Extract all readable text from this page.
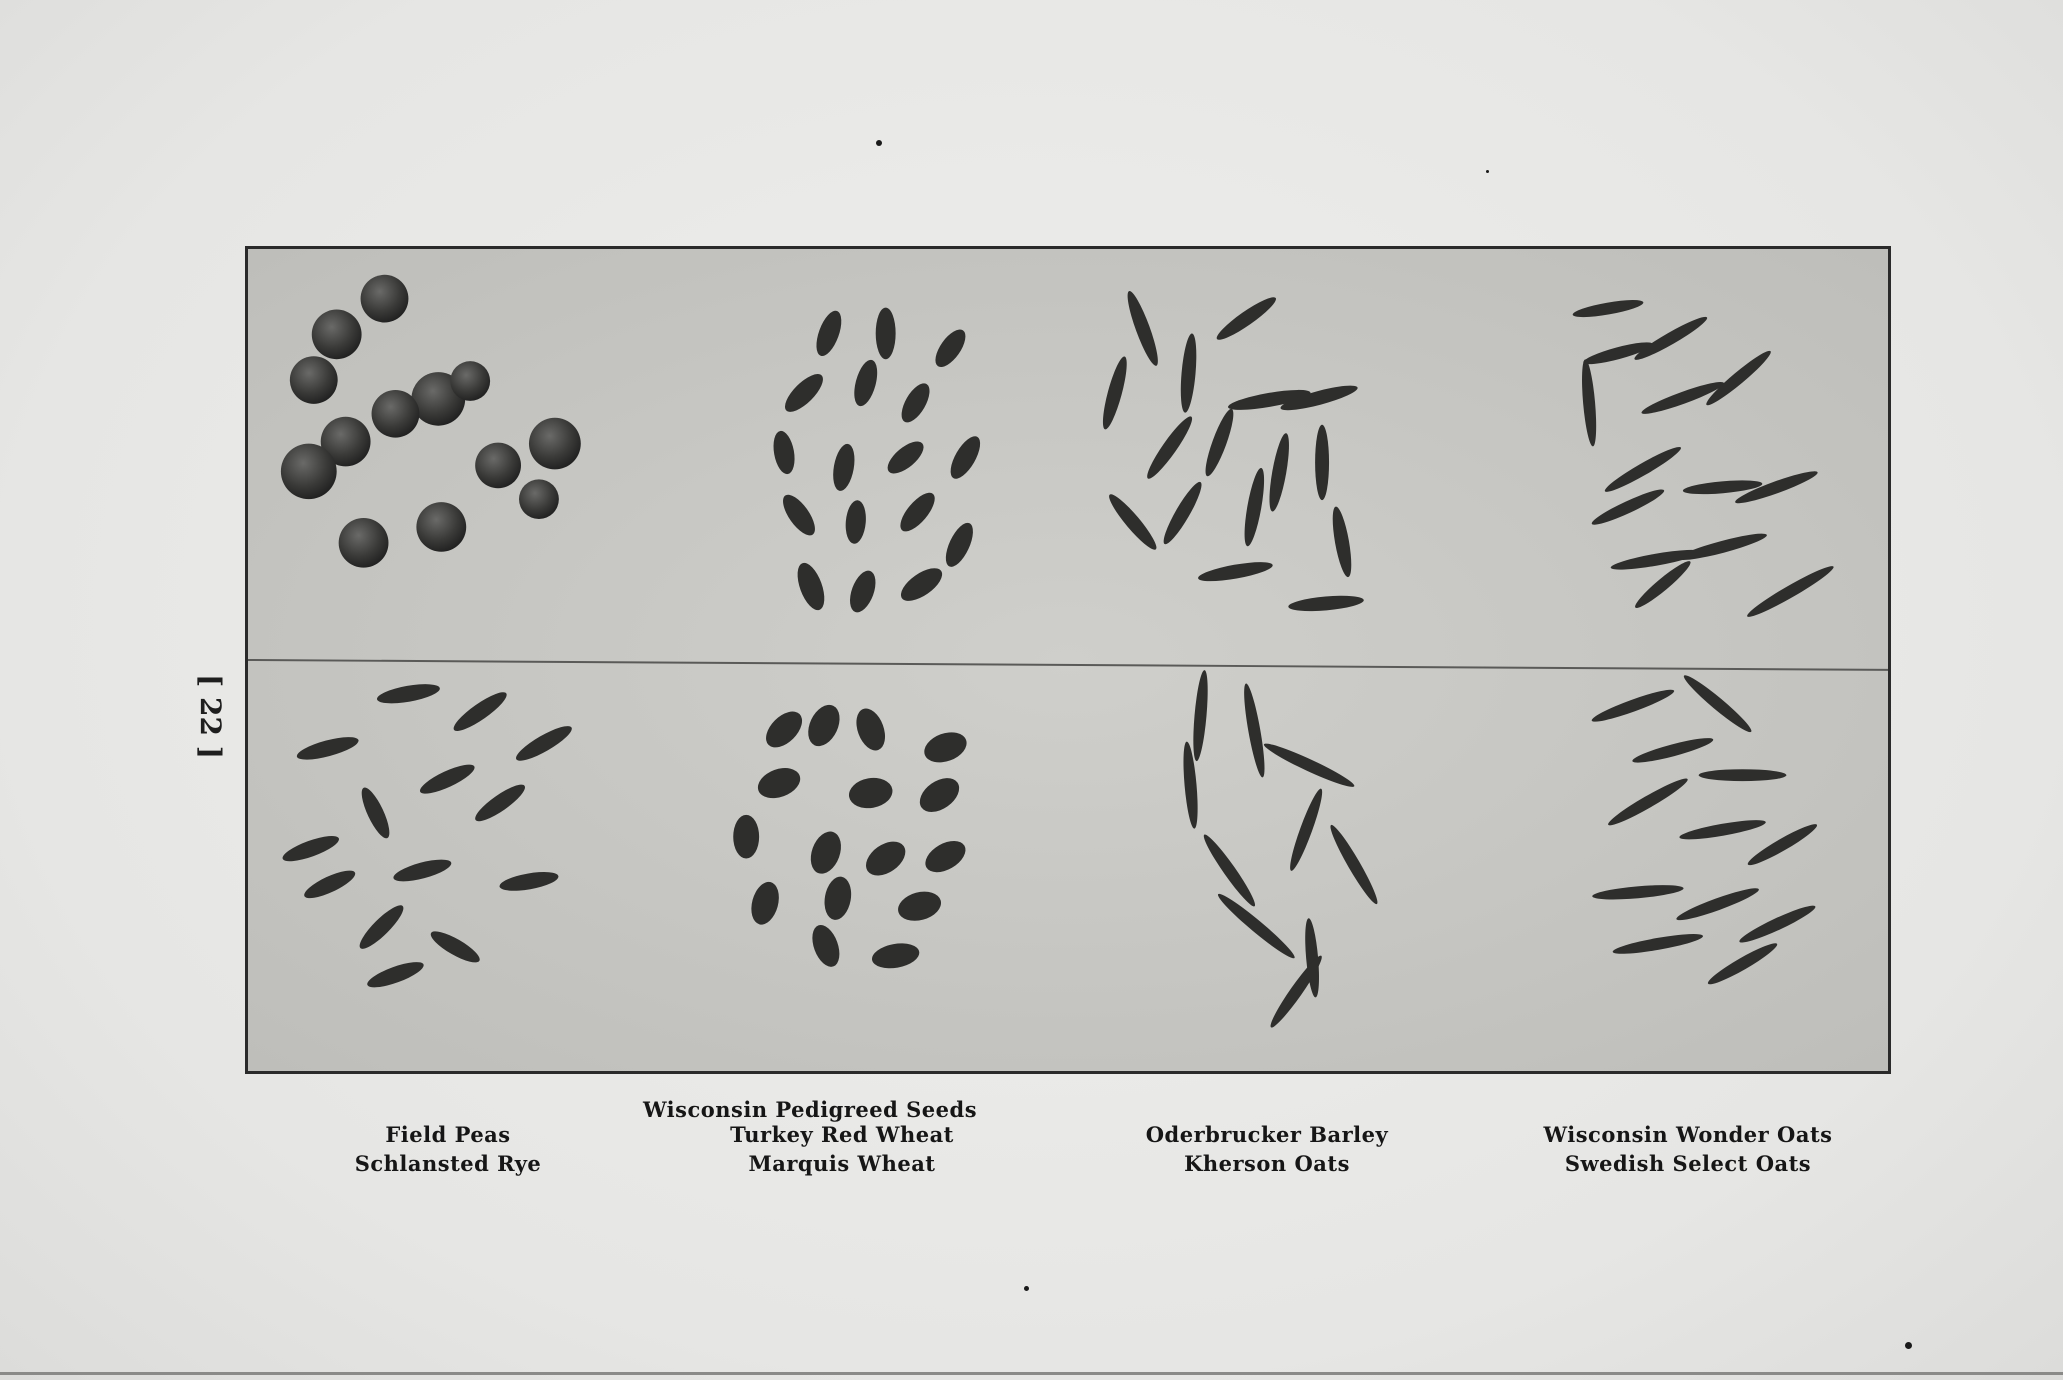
[ 22 ]
Wisconsin Pedigreed Seeds
Field Peas
Schlansted Rye
Turkey Red Wheat
Marquis Wheat
Oderbrucker Barley
Kherson Oats
Wisconsin Wonder Oats
Swedish Select Oats
